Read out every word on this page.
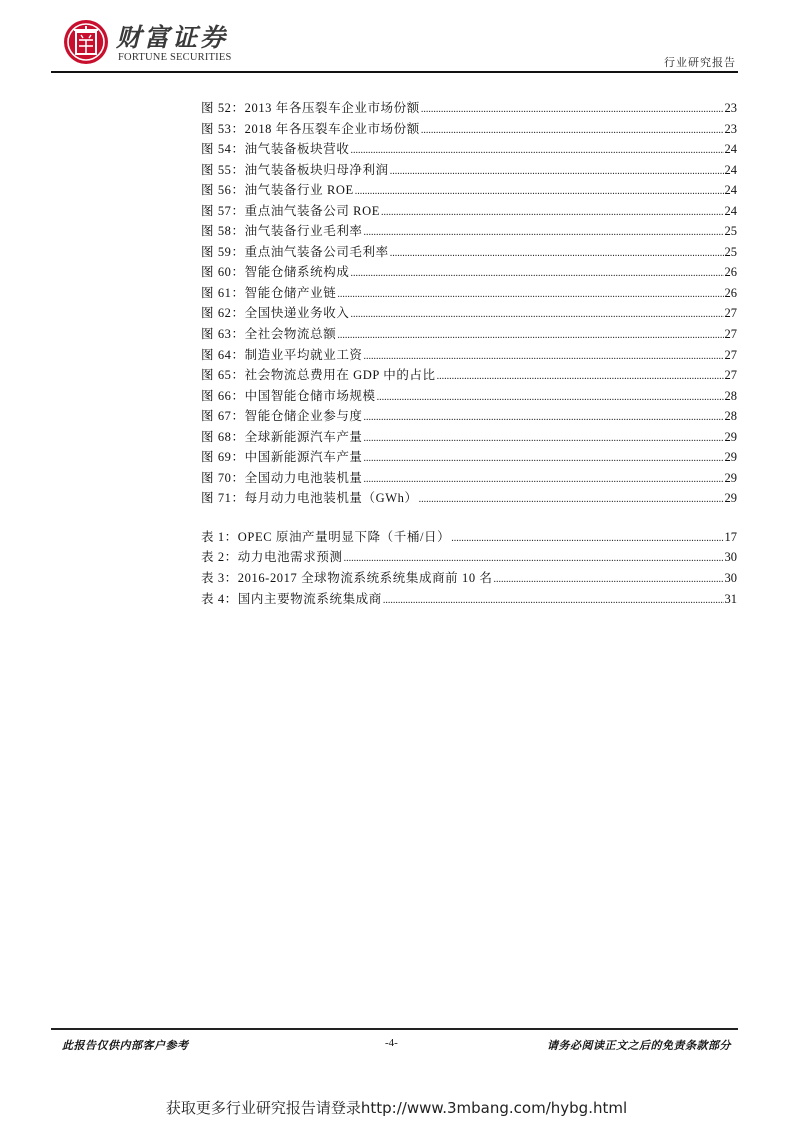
财富证券
FORTUNE SECURITIES	行业研究报告
图 52：2013 年各压裂车企业市场份额 .....	23
图 53：2018 年各压裂车企业市场份额 .....	23
图 54：油气装备板块营收 .....	24
图 55：油气装备板块归母净利润 .....	24
图 56：油气装备行业 ROE .....	24
图 57：重点油气装备公司 ROE .....	24
图 58：油气装备行业毛利率 .....	25
图 59：重点油气装备公司毛利率 .....	25
图 60：智能仓储系统构成 .....	26
图 61：智能仓储产业链 .....	26
图 62：全国快递业务收入 .....	27
图 63：全社会物流总额 .....	27
图 64：制造业平均就业工资 .....	27
图 65：社会物流总费用在 GDP 中的占比 .....	27
图 66：中国智能仓储市场规模 .....	28
图 67：智能仓储企业参与度 .....	28
图 68：全球新能源汽车产量 .....	29
图 69：中国新能源汽车产量 .....	29
图 70：全国动力电池装机量 .....	29
图 71：每月动力电池装机量（GWh） .....	29
表 1：OPEC 原油产量明显下降（千桶/日） .....	17
表 2：动力电池需求预测 .....	30
表 3：2016-2017 全球物流系统系统集成商前 10 名 .....	30
表 4：国内主要物流系统集成商 .....	31
此报告仅供内部客户参考	-4-	请务必阅读正文之后的免责条款部分
获取更多行业研究报告请登录http://www.3mbang.com/hybg.html
